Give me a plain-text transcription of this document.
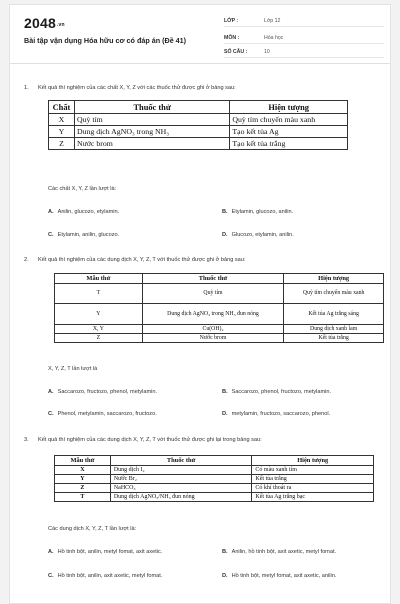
$2048^{.vn}$
Bài tập vận dụng Hóa hữu cơ có đáp án (Đề 41)
LỚP :	Lớp 12
MÔN :	Hóa học
SỐ CÂU :	10
1. Kết quả thí nghiệm của các chất X, Y, Z với các thuốc thử được ghi ở bảng sau:
Chất	Thuốc thử	Hiện tượng
X	Quỳ tím	Quỳ tím chuyển màu xanh
Y	Dung dịch AgNO₃ trong NH₃	Tạo kết tủa Ag
Z	Nước brom	Tạo kết tủa trắng
Các chất X, Y, Z lần lượt là:
A. Anilin, glucozo, etylamin.	B. Etylamin, glucozo, anilin.
C. Etylamin, anilin, glucozo.	D. Glucozo, etylamin, anilin.
2. Kết quả thí nghiệm của các dung dịch X, Y, Z, T với thuốc thử được ghi ở bảng sau:
Mẫu thử	Thuốc thử	Hiện tượng
T	Quỳ tím	Quỳ tím chuyển màu xanh
Y	Dung dịch AgNO₃ trong NH₃ đun nóng	Kết tủa Ag trắng sáng
X, Y	Cu(OH)₂	Dung dịch xanh lam
Z	Nước brom	Kết tủa trắng
X, Y, Z, T lần lượt là
A. Saccarozo, fructozo, phenol, metylamin.	B. Saccarozo, phenol, fructozo, metylamin.
C. Phenol, metylamin, saccarozo, fructozo.	D. metylamin, fructozo, saccarozo, phenol.
3. Kết quả thí nghiệm của các dung dịch X, Y, Z, T với thuốc thử được ghi lại trong bảng sau:
Mẫu thử	Thuốc thử	Hiện tượng
X	Dung dịch I₂	Có màu xanh tím
Y	Nước Br₂	Kết tủa trắng
Z	NaHCO₃	Có khí thoát ra
T	Dung dịch AgNO₃/NH₃ đun nóng	Kết tủa Ag trắng bạc
Các dung dịch X, Y, Z, T lần lượt là:
A. Hồ tinh bột, anilin, metyl fomat, axit axetic.	B. Anilin, hồ tinh bột, axit axetic, metyl fomat.
C. Hồ tinh bột, anilin, axit axetic, metyl fomat.	D. Hồ tinh bột, metyl fomat, axit axetic, anilin.
